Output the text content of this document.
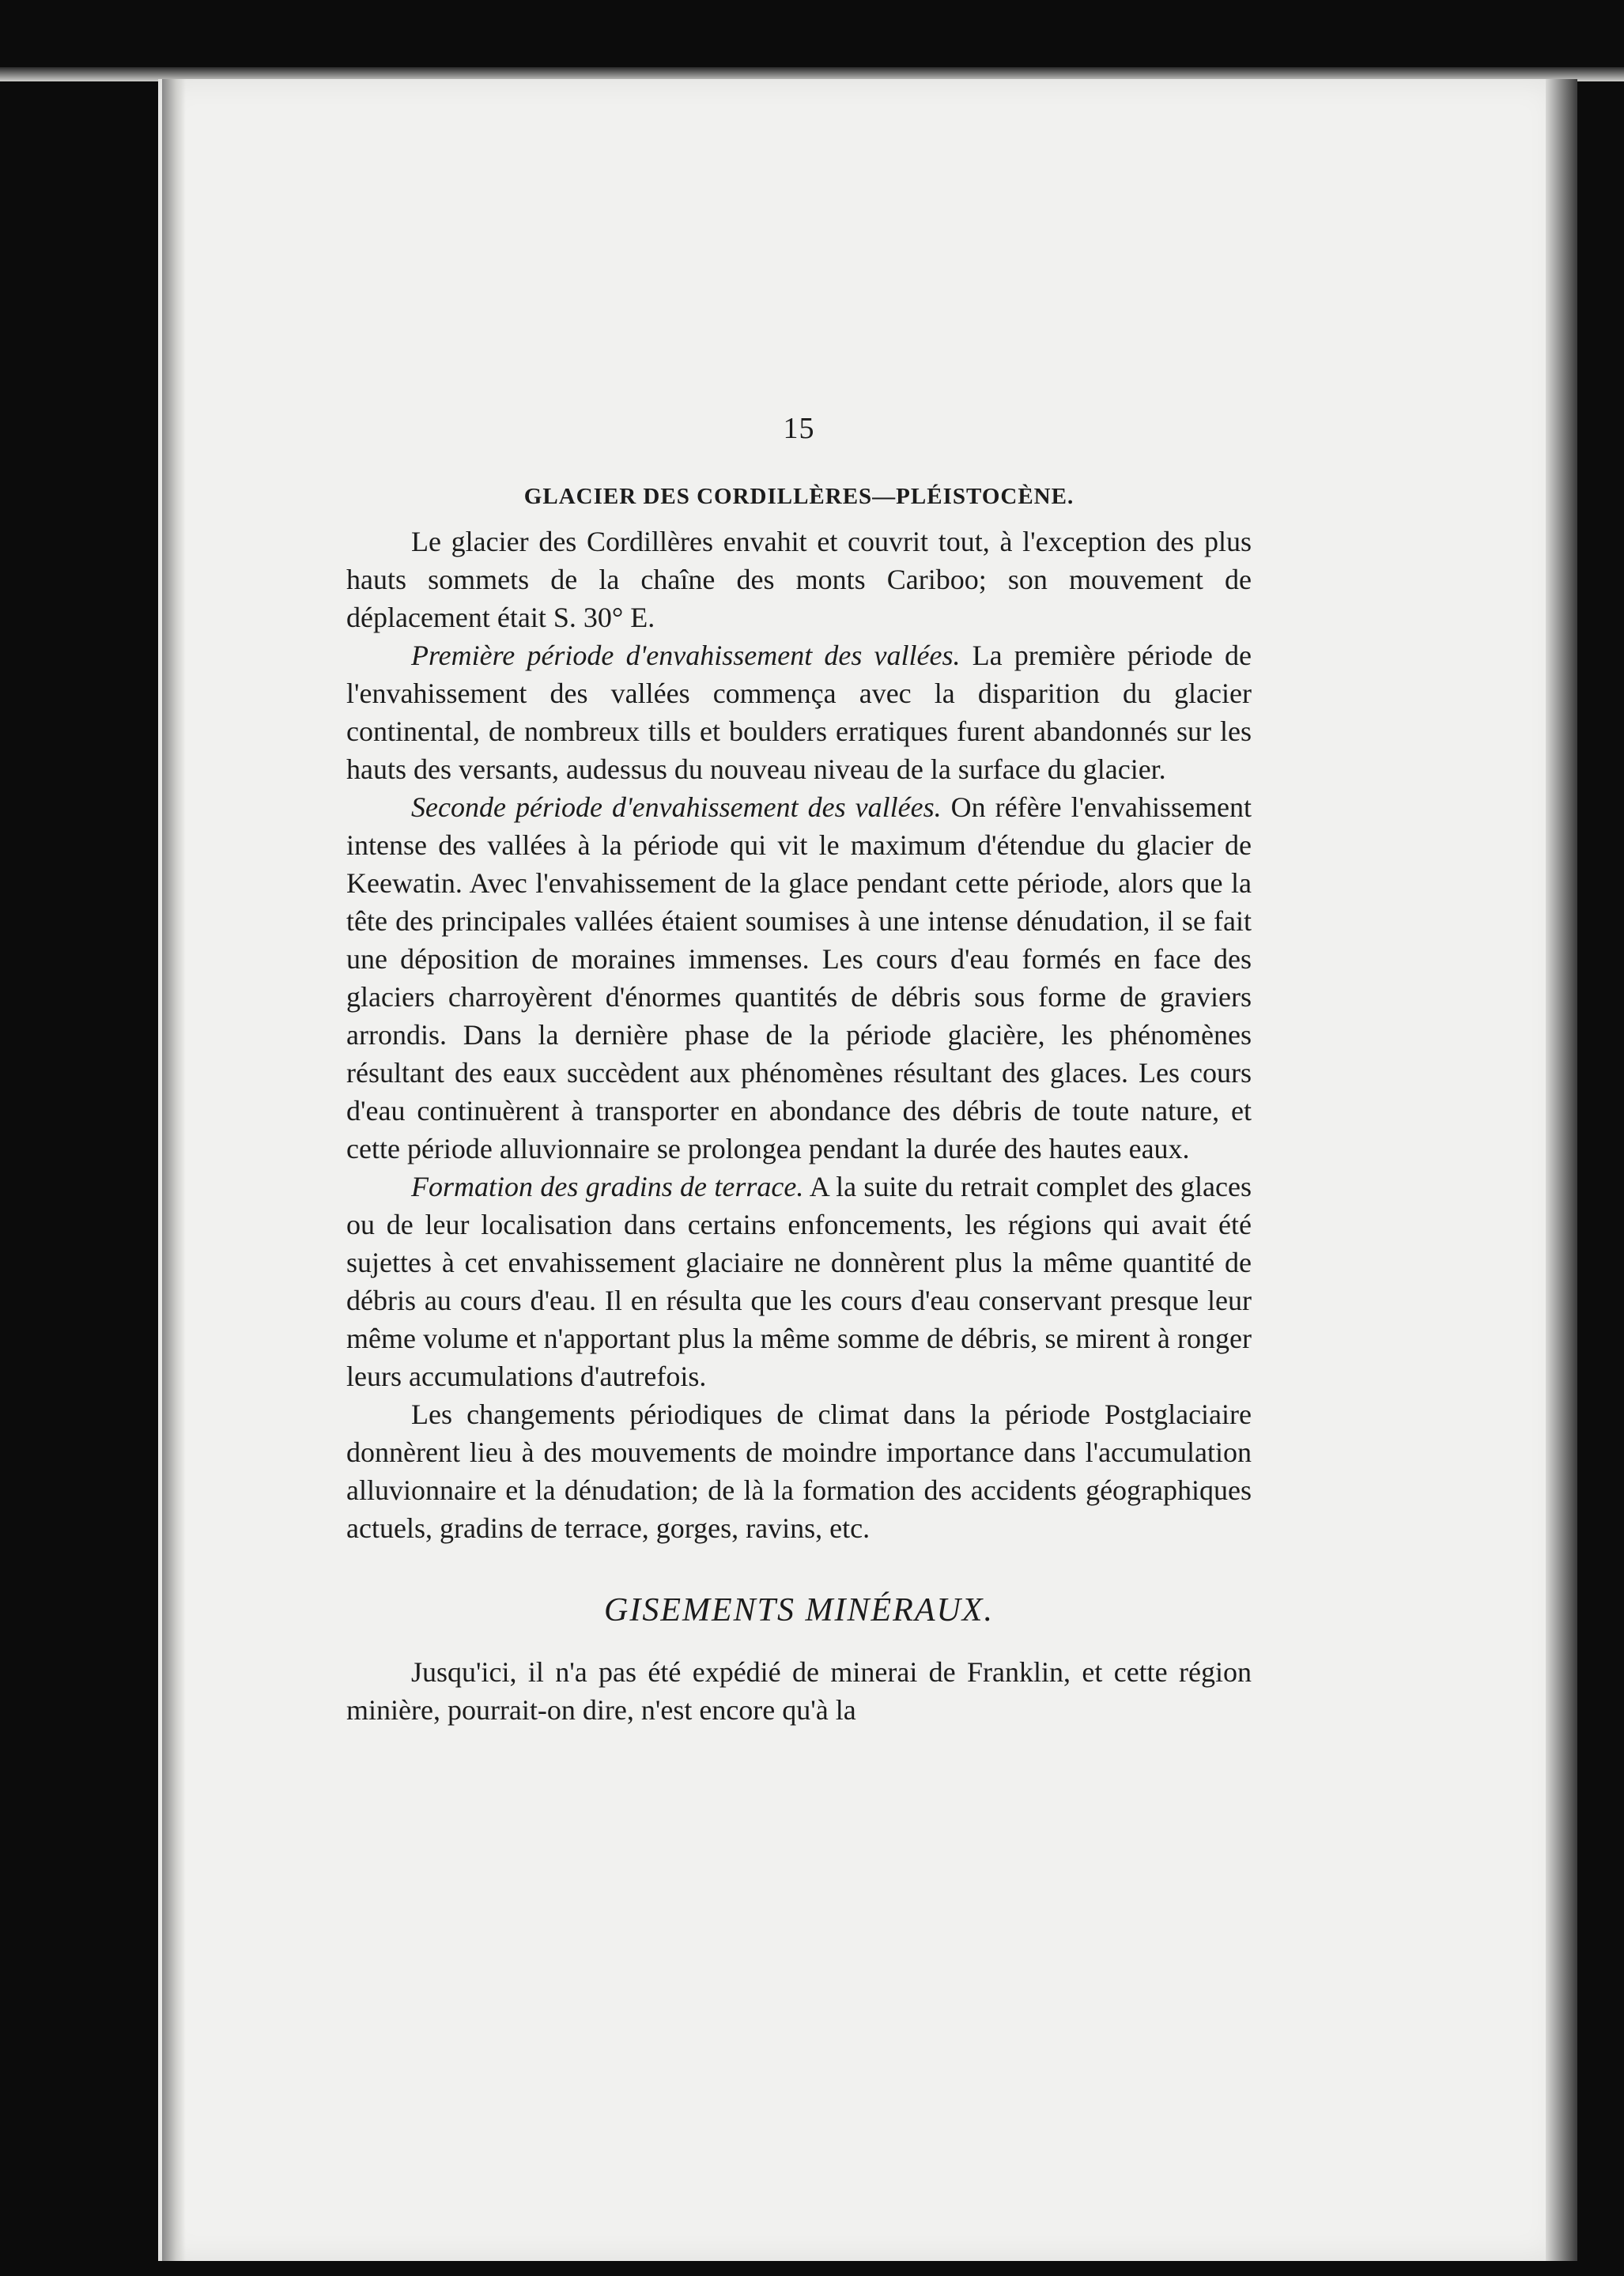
15
GLACIER DES CORDILLÈRES—PLÉISTOCÈNE.

Le glacier des Cordillères envahit et couvrit tout, à l'exception des plus hauts sommets de la chaîne des monts Cariboo; son mouvement de déplacement était S. 30° E.

Première période d'envahissement des vallées. La première période de l'envahissement des vallées commença avec la disparition du glacier continental, de nombreux tills et boulders erratiques furent abandonnés sur les hauts des versants, audessus du nouveau niveau de la surface du glacier.

Seconde période d'envahissement des vallées. On réfère l'envahissement intense des vallées à la période qui vit le maximum d'étendue du glacier de Keewatin. Avec l'envahissement de la glace pendant cette période, alors que la tête des principales vallées étaient soumises à une intense dénudation, il se fait une déposition de moraines immenses. Les cours d'eau formés en face des glaciers charroyèrent d'énormes quantités de débris sous forme de graviers arrondis. Dans la dernière phase de la période glacière, les phénomènes résultant des eaux succèdent aux phénomènes résultant des glaces. Les cours d'eau continuèrent à transporter en abondance des débris de toute nature, et cette période alluvionnaire se prolongea pendant la durée des hautes eaux.

Formation des gradins de terrace. A la suite du retrait complet des glaces ou de leur localisation dans certains enfoncements, les régions qui avait été sujettes à cet envahissement glaciaire ne donnèrent plus la même quantité de débris au cours d'eau. Il en résulta que les cours d'eau conservant presque leur même volume et n'apportant plus la même somme de débris, se mirent à ronger leurs accumulations d'autrefois.

Les changements périodiques de climat dans la période Postglaciaire donnèrent lieu à des mouvements de moindre importance dans l'accumulation alluvionnaire et la dénudation; de là la formation des accidents géographiques actuels, gradins de terrace, gorges, ravins, etc.

GISEMENTS MINÉRAUX.

Jusqu'ici, il n'a pas été expédié de minerai de Franklin, et cette région minière, pourrait-on dire, n'est encore qu'à la
